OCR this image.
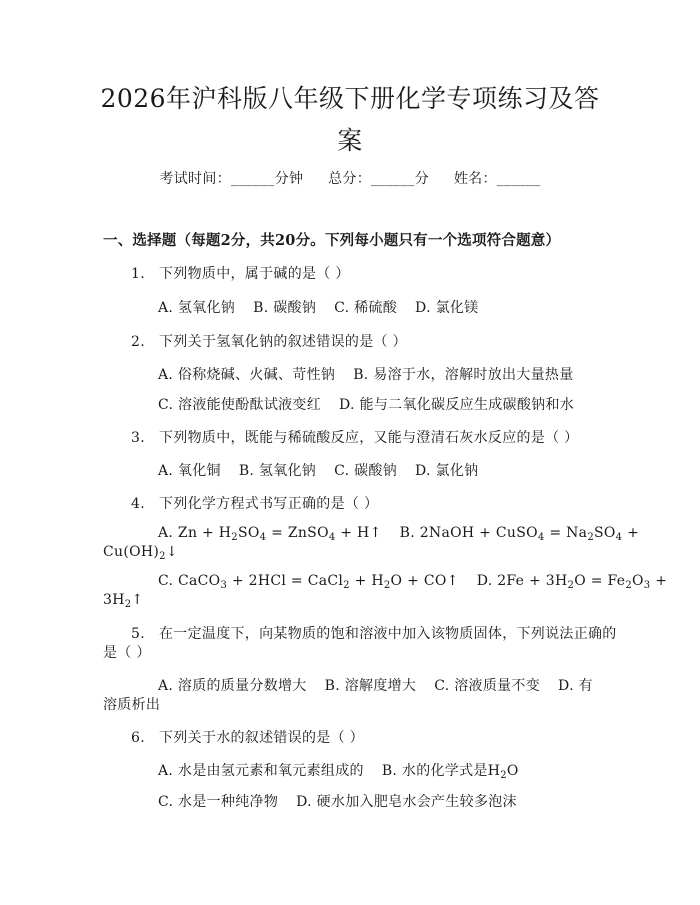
2026年沪科版八年级下册化学专项练习及答
案
考试时间：______分钟 总分：______分 姓名：______
一、选择题（每题2分，共20分。下列每小题只有一个选项符合题意）
1. 下列物质中，属于碱的是（ ）
A. 氢氧化钠 B. 碳酸钠 C. 稀硫酸 D. 氯化镁
2. 下列关于氢氧化钠的叙述错误的是（ ）
A. 俗称烧碱、火碱、苛性钠 B. 易溶于水，溶解时放出大量热量
C. 溶液能使酚酞试液变红 D. 能与二氧化碳反应生成碳酸钠和水
3. 下列物质中，既能与稀硫酸反应，又能与澄清石灰水反应的是（ ）
A. 氧化铜 B. 氢氧化钠 C. 碳酸钠 D. 氯化钠
4. 下列化学方程式书写正确的是（ ）
A. $Zn + H_2SO_4$ = ZnSO$_4$ + H↑ B. 2NaOH + CuSO$_4$ = $Na_2SO_4$ +
$Cu(OH)_2↓$
C. CaCO$_3$ + 2HCl = CaCl$_2$ + $H_2O$ + CO↑ D. $2Fe + 3H_2O = Fe_2O_3$ +
$3H_2↑$
5. 在一定温度下，向某物质的饱和溶液中加入该物质固体，下列说法正确的
是（ ）
A. 溶质的质量分数增大 B. 溶解度增大 C. 溶液质量不变 D. 有
溶质析出
6. 下列关于水的叙述错误的是（ ）
A. 水是由氢元素和氧元素组成的 B. 水的化学式是$H_2O$
C. 水是一种纯净物 D. 硬水加入肥皂水会产生较多泡沫
